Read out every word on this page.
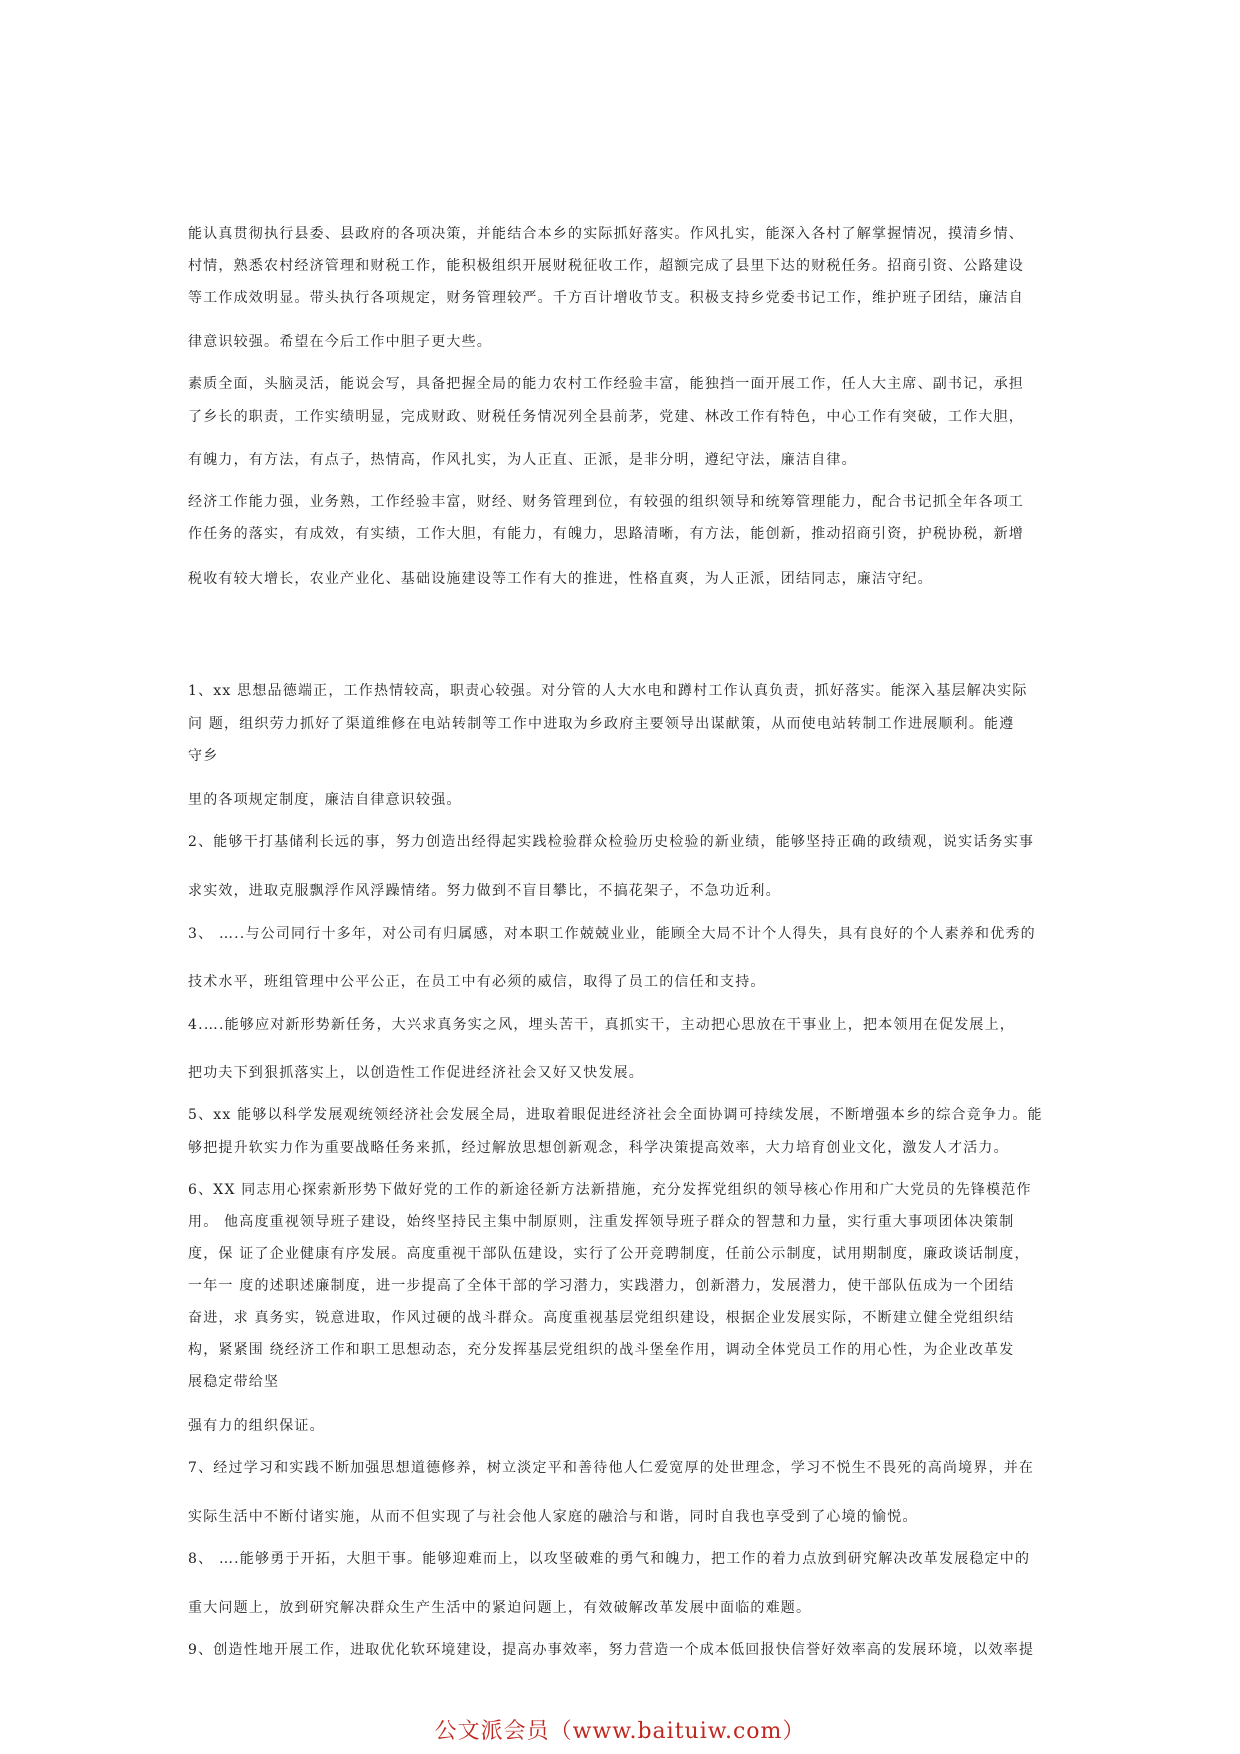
能认真贯彻执行县委、县政府的各项决策，并能结合本乡的实际抓好落实。作风扎实，能深入各村了解掌握情况，摸清乡情、
村情，熟悉农村经济管理和财税工作，能积极组织开展财税征收工作，超额完成了县里下达的财税任务。招商引资、公路建设
等工作成效明显。带头执行各项规定，财务管理较严。千方百计增收节支。积极支持乡党委书记工作，维护班子团结，廉洁自
律意识较强。希望在今后工作中胆子更大些。
素质全面，头脑灵活，能说会写，具备把握全局的能力农村工作经验丰富，能独挡一面开展工作，任人大主席、副书记，承担
了乡长的职责，工作实绩明显，完成财政、财税任务情况列全县前茅，党建、林改工作有特色，中心工作有突破，工作大胆，
有魄力，有方法，有点子，热情高，作风扎实，为人正直、正派，是非分明，遵纪守法，廉洁自律。
经济工作能力强，业务熟，工作经验丰富，财经、财务管理到位，有较强的组织领导和统筹管理能力，配合书记抓全年各项工
作任务的落实，有成效，有实绩，工作大胆，有能力，有魄力，思路清晰，有方法，能创新，推动招商引资，护税协税，新增
税收有较大增长，农业产业化、基础设施建设等工作有大的推进，性格直爽，为人正派，团结同志，廉洁守纪。
1、xx 思想品德端正，工作热情较高，职责心较强。对分管的人大水电和蹲村工作认真负责，抓好落实。能深入基层解决实际
问 题，组织劳力抓好了渠道维修在电站转制等工作中进取为乡政府主要领导出谋献策，从而使电站转制工作进展顺利。能遵
守乡
里的各项规定制度，廉洁自律意识较强。
2、能够干打基储利长远的事，努力创造出经得起实践检验群众检验历史检验的新业绩，能够坚持正确的政绩观，说实话务实事
求实效，进取克服飘浮作风浮躁情绪。努力做到不盲目攀比，不搞花架子，不急功近利。
3、 …..与公司同行十多年，对公司有归属感，对本职工作兢兢业业，能顾全大局不计个人得失，具有良好的个人素养和优秀的
技术水平，班组管理中公平公正，在员工中有必须的威信，取得了员工的信任和支持。
4.….能够应对新形势新任务，大兴求真务实之风，埋头苦干，真抓实干，主动把心思放在干事业上，把本领用在促发展上，
把功夫下到狠抓落实上，以创造性工作促进经济社会又好又快发展。
5、xx 能够以科学发展观统领经济社会发展全局，进取着眼促进经济社会全面协调可持续发展，不断增强本乡的综合竞争力。能
够把提升软实力作为重要战略任务来抓，经过解放思想创新观念，科学决策提高效率，大力培育创业文化，激发人才活力。
6、XX 同志用心探索新形势下做好党的工作的新途径新方法新措施，充分发挥党组织的领导核心作用和广大党员的先锋模范作
用。 他高度重视领导班子建设，始终坚持民主集中制原则，注重发挥领导班子群众的智慧和力量，实行重大事项团体决策制
度，保 证了企业健康有序发展。高度重视干部队伍建设，实行了公开竞聘制度，任前公示制度，试用期制度，廉政谈话制度，
一年一 度的述职述廉制度，进一步提高了全体干部的学习潜力，实践潜力，创新潜力，发展潜力，使干部队伍成为一个团结
奋进，求 真务实，锐意进取，作风过硬的战斗群众。高度重视基层党组织建设，根据企业发展实际，不断建立健全党组织结
构，紧紧围 绕经济工作和职工思想动态，充分发挥基层党组织的战斗堡垒作用，调动全体党员工作的用心性，为企业改革发
展稳定带给坚
强有力的组织保证。
7、经过学习和实践不断加强思想道德修养，树立淡定平和善待他人仁爱宽厚的处世理念，学习不悦生不畏死的高尚境界，并在
实际生活中不断付诸实施，从而不但实现了与社会他人家庭的融洽与和谐，同时自我也享受到了心境的愉悦。
8、 ….能够勇于开拓，大胆干事。能够迎难而上，以攻坚破难的勇气和魄力，把工作的着力点放到研究解决改革发展稳定中的
重大问题上，放到研究解决群众生产生活中的紧迫问题上，有效破解改革发展中面临的难题。
9、创造性地开展工作，进取优化软环境建设，提高办事效率，努力营造一个成本低回报快信誉好效率高的发展环境，以效率提
公文派会员（www.baituiw.com）
